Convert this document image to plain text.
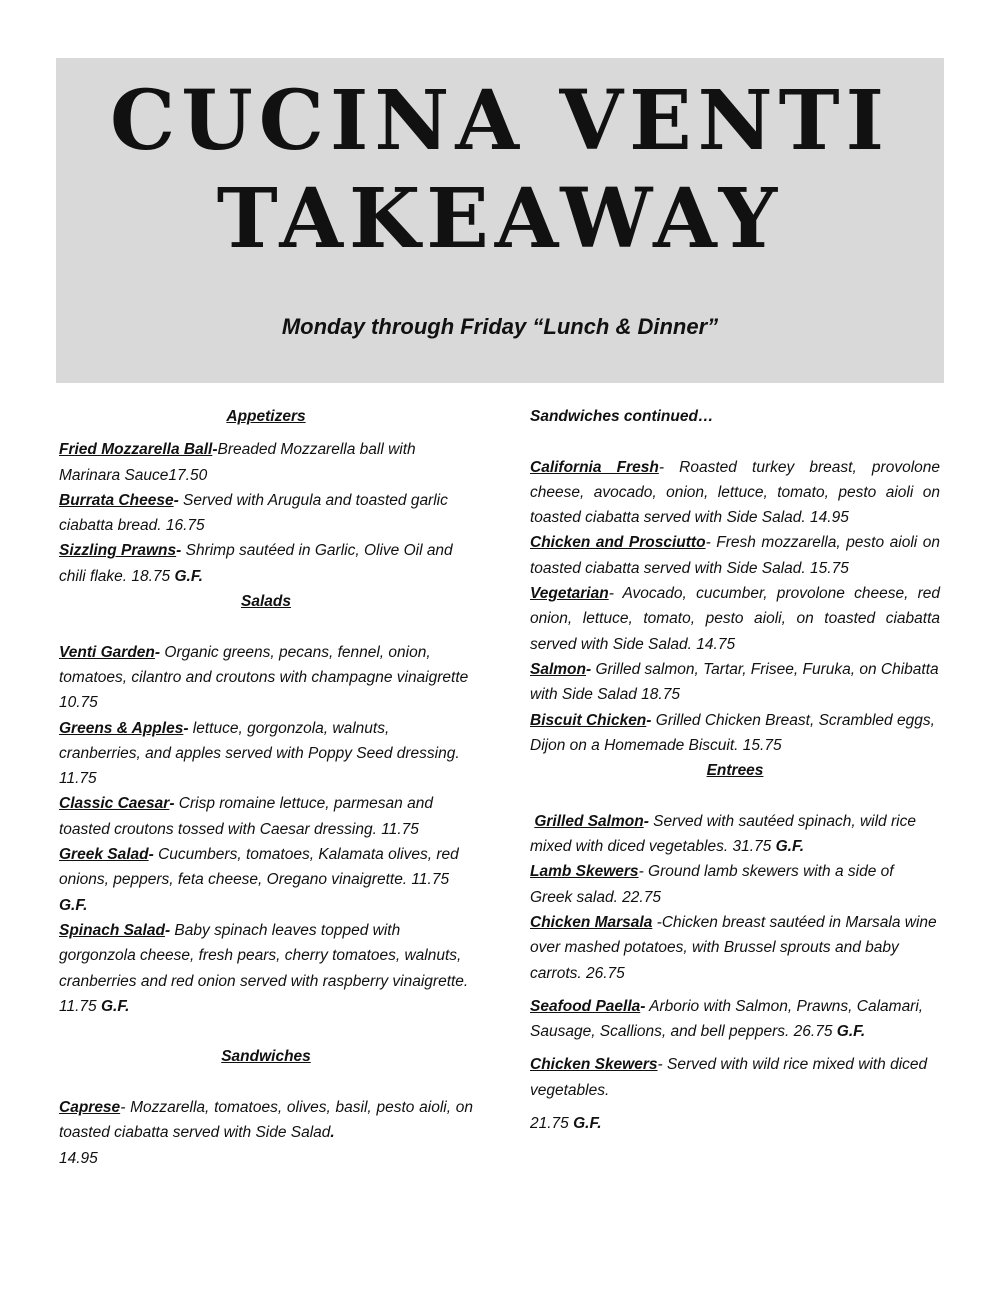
CUCINA VENTI
TAKEAWAY
Monday through Friday “Lunch & Dinner”
Appetizers

Fried Mozzarella Ball-Breaded Mozzarella ball with Marinara Sauce17.50

Burrata Cheese- Served with Arugula and toasted garlic ciabatta bread. 16.75

Sizzling Prawns- Shrimp sautéed in Garlic, Olive Oil and chili flake. 18.75 G.F.

Salads

Venti Garden- Organic greens, pecans, fennel, onion, tomatoes, cilantro and croutons with champagne vinaigrette 10.75

Greens & Apples- lettuce, gorgonzola, walnuts, cranberries, and apples served with Poppy Seed dressing. 11.75

Classic Caesar- Crisp romaine lettuce, parmesan and toasted croutons tossed with Caesar dressing. 11.75

Greek Salad- Cucumbers, tomatoes, Kalamata olives, red onions, peppers, feta cheese, Oregano vinaigrette. 11.75 G.F.

Spinach Salad- Baby spinach leaves topped with gorgonzola cheese, fresh pears, cherry tomatoes, walnuts, cranberries and red onion served with raspberry vinaigrette. 11.75 G.F.

Sandwiches

Caprese- Mozzarella, tomatoes, olives, basil, pesto aioli, on toasted ciabatta served with Side Salad.

14.95

Sandwiches continued…

California Fresh- Roasted turkey breast, provolone cheese, avocado, onion, lettuce, tomato, pesto aioli on toasted ciabatta served with Side Salad. 14.95

Chicken and Prosciutto- Fresh mozzarella, pesto aioli on toasted ciabatta served with Side Salad. 15.75

Vegetarian- Avocado, cucumber, provolone cheese, red onion, lettuce, tomato, pesto aioli, on toasted ciabatta served with Side Salad. 14.75

Salmon- Grilled salmon, Tartar, Frisee, Furuka, on Chibatta with Side Salad 18.75

Biscuit Chicken- Grilled Chicken Breast, Scrambled eggs, Dijon on a Homemade Biscuit. 15.75

Entrees

Grilled Salmon- Served with sautéed spinach, wild rice mixed with diced vegetables. 31.75 G.F.

Lamb Skewers- Ground lamb skewers with a side of Greek salad. 22.75

Chicken Marsala -Chicken breast sautéed in Marsala wine over mashed potatoes, with Brussel sprouts and baby carrots. 26.75

Seafood Paella- Arborio with Salmon, Prawns, Calamari, Sausage, Scallions, and bell peppers. 26.75 G.F.

Chicken Skewers- Served with wild rice mixed with diced vegetables.

21.75 G.F.
